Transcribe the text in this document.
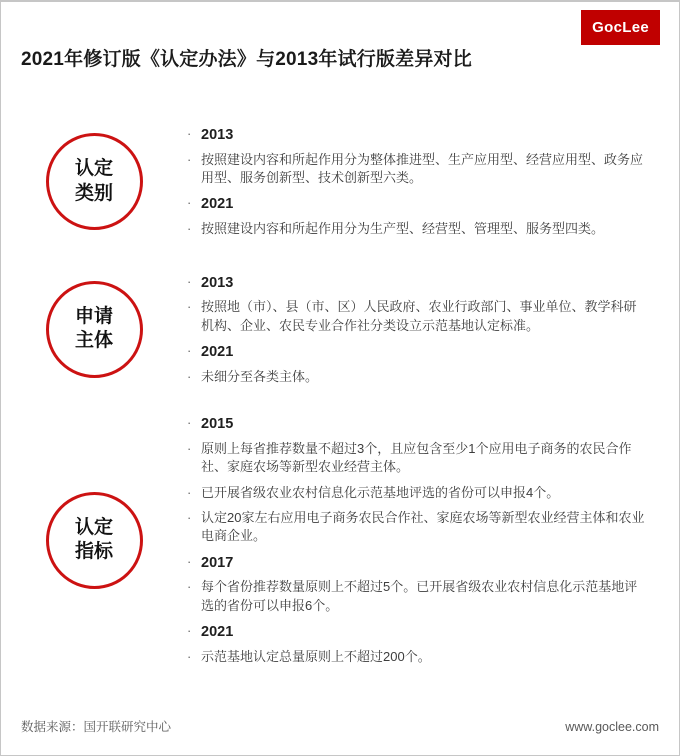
GocLee
2021年修订版《认定办法》与2013年试行版差异对比
认定
类别
· 2013
· 按照建设内容和所起作用分为整体推进型、生产应用型、经营应用型、政务应用型、服务创新型、技术创新型六类。
· 2021
· 按照建设内容和所起作用分为生产型、经营型、管理型、服务型四类。
申请
主体
· 2013
· 按照地（市）、县（市、区）人民政府、农业行政部门、事业单位、教学科研机构、企业、农民专业合作社分类设立示范基地认定标准。
· 2021
· 未细分至各类主体。
认定
指标
· 2015
· 原则上每省推荐数量不超过3个，且应包含至少1个应用电子商务的农民合作社、家庭农场等新型农业经营主体。
· 已开展省级农业农村信息化示范基地评选的省份可以申报4个。
· 认定20家左右应用电子商务农民合作社、家庭农场等新型农业经营主体和农业电商企业。
· 2017
· 每个省份推荐数量原则上不超过5个。已开展省级农业农村信息化示范基地评选的省份可以申报6个。
· 2021
· 示范基地认定总量原则上不超过200个。
数据来源：国开联研究中心	www.goclee.com
